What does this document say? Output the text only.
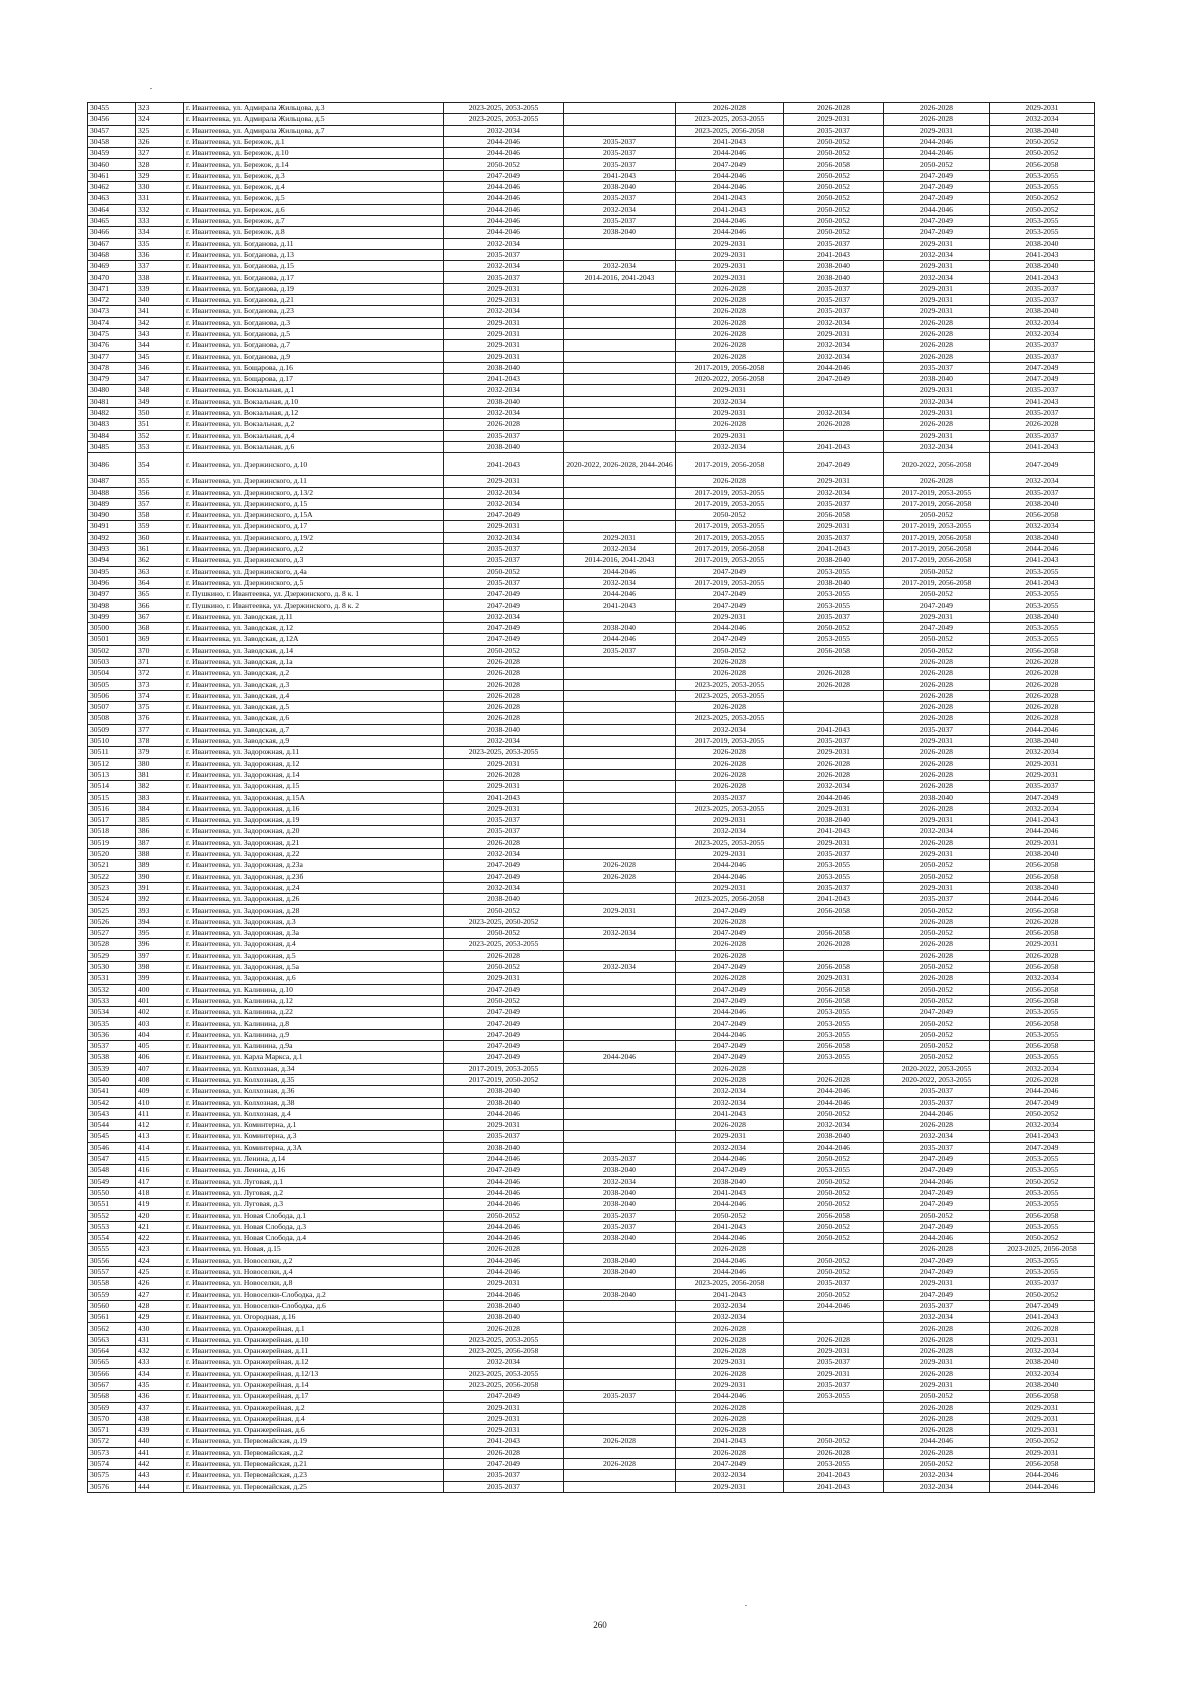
30455	323	г. Ивантеевка, ул. Адмирала Жильцова, д.3	2023-2025, 2053-2055		2026-2028	2026-2028	2026-2028	2029-2031
30456	324	г. Ивантеевка, ул. Адмирала Жильцова, д.5	2023-2025, 2053-2055		2023-2025, 2053-2055	2029-2031	2026-2028	2032-2034
30457	325	г. Ивантеевка, ул. Адмирала Жильцова, д.7	2032-2034		2023-2025, 2056-2058	2035-2037	2029-2031	2038-2040
30458	326	г. Ивантеевка, ул. Бережок, д.1	2044-2046	2035-2037	2041-2043	2050-2052	2044-2046	2050-2052
30459	327	г. Ивантеевка, ул. Бережок, д.10	2044-2046	2035-2037	2044-2046	2050-2052	2044-2046	2050-2052
30460	328	г. Ивантеевка, ул. Бережок, д.14	2050-2052	2035-2037	2047-2049	2056-2058	2050-2052	2056-2058
30461	329	г. Ивантеевка, ул. Бережок, д.3	2047-2049	2041-2043	2044-2046	2050-2052	2047-2049	2053-2055
30462	330	г. Ивантеевка, ул. Бережок, д.4	2044-2046	2038-2040	2044-2046	2050-2052	2047-2049	2053-2055
30463	331	г. Ивантеевка, ул. Бережок, д.5	2044-2046	2035-2037	2041-2043	2050-2052	2047-2049	2050-2052
30464	332	г. Ивантеевка, ул. Бережок, д.6	2044-2046	2032-2034	2041-2043	2050-2052	2044-2046	2050-2052
30465	333	г. Ивантеевка, ул. Бережок, д.7	2044-2046	2035-2037	2044-2046	2050-2052	2047-2049	2053-2055
30466	334	г. Ивантеевка, ул. Бережок, д.8	2044-2046	2038-2040	2044-2046	2050-2052	2047-2049	2053-2055
30467	335	г. Ивантеевка, ул. Богданова, д.11	2032-2034		2029-2031	2035-2037	2029-2031	2038-2040
30468	336	г. Ивантеевка, ул. Богданова, д.13	2035-2037		2029-2031	2041-2043	2032-2034	2041-2043
30469	337	г. Ивантеевка, ул. Богданова, д.15	2032-2034	2032-2034	2029-2031	2038-2040	2029-2031	2038-2040
30470	338	г. Ивантеевка, ул. Богданова, д.17	2035-2037	2014-2016, 2041-2043	2029-2031	2038-2040	2032-2034	2041-2043
30471	339	г. Ивантеевка, ул. Богданова, д.19	2029-2031		2026-2028	2035-2037	2029-2031	2035-2037
30472	340	г. Ивантеевка, ул. Богданова, д.21	2029-2031		2026-2028	2035-2037	2029-2031	2035-2037
30473	341	г. Ивантеевка, ул. Богданова, д.23	2032-2034		2026-2028	2035-2037	2029-2031	2038-2040
30474	342	г. Ивантеевка, ул. Богданова, д.3	2029-2031		2026-2028	2032-2034	2026-2028	2032-2034
30475	343	г. Ивантеевка, ул. Богданова, д.5	2029-2031		2026-2028	2029-2031	2026-2028	2032-2034
30476	344	г. Ивантеевка, ул. Богданова, д.7	2029-2031		2026-2028	2032-2034	2026-2028	2035-2037
30477	345	г. Ивантеевка, ул. Богданова, д.9	2029-2031		2026-2028	2032-2034	2026-2028	2035-2037
30478	346	г. Ивантеевка, ул. Бощарова, д.16	2038-2040		2017-2019, 2056-2058	2044-2046	2035-2037	2047-2049
30479	347	г. Ивантеевка, ул. Бощарова, д.17	2041-2043		2020-2022, 2056-2058	2047-2049	2038-2040	2047-2049
30480	348	г. Ивантеевка, ул. Вокзальная, д.1	2032-2034		2029-2031		2029-2031	2035-2037
30481	349	г. Ивантеевка, ул. Вокзальная, д.10	2038-2040		2032-2034		2032-2034	2041-2043
30482	350	г. Ивантеевка, ул. Вокзальная, д.12	2032-2034		2029-2031	2032-2034	2029-2031	2035-2037
30483	351	г. Ивантеевка, ул. Вокзальная, д.2	2026-2028		2026-2028	2026-2028	2026-2028	2026-2028
30484	352	г. Ивантеевка, ул. Вокзальная, д.4	2035-2037		2029-2031		2029-2031	2035-2037
30485	353	г. Ивантеевка, ул. Вокзальная, д.6	2038-2040		2032-2034	2041-2043	2032-2034	2041-2043
30486	354	г. Ивантеевка, ул. Дзержинского, д.10	2041-2043	2020-2022, 2026-2028, 2044-2046	2017-2019, 2056-2058	2047-2049	2020-2022, 2056-2058	2047-2049
30487	355	г. Ивантеевка, ул. Дзержинского, д.11	2029-2031		2026-2028	2029-2031	2026-2028	2032-2034
30488	356	г. Ивантеевка, ул. Дзержинского, д.13/2	2032-2034		2017-2019, 2053-2055	2032-2034	2017-2019, 2053-2055	2035-2037
30489	357	г. Ивантеевка, ул. Дзержинского, д.15	2032-2034		2017-2019, 2053-2055	2035-2037	2017-2019, 2056-2058	2038-2040
30490	358	г. Ивантеевка, ул. Дзержинского, д.15А	2047-2049		2050-2052	2056-2058	2050-2052	2056-2058
30491	359	г. Ивантеевка, ул. Дзержинского, д.17	2029-2031		2017-2019, 2053-2055	2029-2031	2017-2019, 2053-2055	2032-2034
30492	360	г. Ивантеевка, ул. Дзержинского, д.19/2	2032-2034	2029-2031	2017-2019, 2053-2055	2035-2037	2017-2019, 2056-2058	2038-2040
30493	361	г. Ивантеевка, ул. Дзержинского, д.2	2035-2037	2032-2034	2017-2019, 2056-2058	2041-2043	2017-2019, 2056-2058	2044-2046
30494	362	г. Ивантеевка, ул. Дзержинского, д.3	2035-2037	2014-2016, 2041-2043	2017-2019, 2053-2055	2038-2040	2017-2019, 2056-2058	2041-2043
30495	363	г. Ивантеевка, ул. Дзержинского, д.4а	2050-2052	2044-2046	2047-2049	2053-2055	2050-2052	2053-2055
30496	364	г. Ивантеевка, ул. Дзержинского, д.5	2035-2037	2032-2034	2017-2019, 2053-2055	2038-2040	2017-2019, 2056-2058	2041-2043
30497	365	г. Пушкино, г. Ивантеевка, ул. Дзержинского, д. 8 к. 1	2047-2049	2044-2046	2047-2049	2053-2055	2050-2052	2053-2055
30498	366	г. Пушкино, г. Ивантеевка, ул. Дзержинского, д. 8 к. 2	2047-2049	2041-2043	2047-2049	2053-2055	2047-2049	2053-2055
30499	367	г. Ивантеевка, ул. Заводская, д.11	2032-2034		2029-2031	2035-2037	2029-2031	2038-2040
30500	368	г. Ивантеевка, ул. Заводская, д.12	2047-2049	2038-2040	2044-2046	2050-2052	2047-2049	2053-2055
30501	369	г. Ивантеевка, ул. Заводская, д.12А	2047-2049	2044-2046	2047-2049	2053-2055	2050-2052	2053-2055
30502	370	г. Ивантеевка, ул. Заводская, д.14	2050-2052	2035-2037	2050-2052	2056-2058	2050-2052	2056-2058
30503	371	г. Ивантеевка, ул. Заводская, д.1а	2026-2028		2026-2028		2026-2028	2026-2028
30504	372	г. Ивантеевка, ул. Заводская, д.2	2026-2028		2026-2028	2026-2028	2026-2028	2026-2028
30505	373	г. Ивантеевка, ул. Заводская, д.3	2026-2028		2023-2025, 2053-2055	2026-2028	2026-2028	2026-2028
30506	374	г. Ивантеевка, ул. Заводская, д.4	2026-2028		2023-2025, 2053-2055		2026-2028	2026-2028
30507	375	г. Ивантеевка, ул. Заводская, д.5	2026-2028		2026-2028		2026-2028	2026-2028
30508	376	г. Ивантеевка, ул. Заводская, д.6	2026-2028		2023-2025, 2053-2055		2026-2028	2026-2028
30509	377	г. Ивантеевка, ул. Заводская, д.7	2038-2040		2032-2034	2041-2043	2035-2037	2044-2046
30510	378	г. Ивантеевка, ул. Заводская, д.9	2032-2034		2017-2019, 2053-2055	2035-2037	2029-2031	2038-2040
30511	379	г. Ивантеевка, ул. Задорожная, д.11	2023-2025, 2053-2055		2026-2028	2029-2031	2026-2028	2032-2034
30512	380	г. Ивантеевка, ул. Задорожная, д.12	2029-2031		2026-2028	2026-2028	2026-2028	2029-2031
30513	381	г. Ивантеевка, ул. Задорожная, д.14	2026-2028		2026-2028	2026-2028	2026-2028	2029-2031
30514	382	г. Ивантеевка, ул. Задорожная, д.15	2029-2031		2026-2028	2032-2034	2026-2028	2035-2037
30515	383	г. Ивантеевка, ул. Задорожная, д.15А	2041-2043		2035-2037	2044-2046	2038-2040	2047-2049
30516	384	г. Ивантеевка, ул. Задорожная, д.16	2029-2031		2023-2025, 2053-2055	2029-2031	2026-2028	2032-2034
30517	385	г. Ивантеевка, ул. Задорожная, д.19	2035-2037		2029-2031	2038-2040	2029-2031	2041-2043
30518	386	г. Ивантеевка, ул. Задорожная, д.20	2035-2037		2032-2034	2041-2043	2032-2034	2044-2046
30519	387	г. Ивантеевка, ул. Задорожная, д.21	2026-2028		2023-2025, 2053-2055	2029-2031	2026-2028	2029-2031
30520	388	г. Ивантеевка, ул. Задорожная, д.22	2032-2034		2029-2031	2035-2037	2029-2031	2038-2040
30521	389	г. Ивантеевка, ул. Задорожная, д.23а	2047-2049	2026-2028	2044-2046	2053-2055	2050-2052	2056-2058
30522	390	г. Ивантеевка, ул. Задорожная, д.23б	2047-2049	2026-2028	2044-2046	2053-2055	2050-2052	2056-2058
30523	391	г. Ивантеевка, ул. Задорожная, д.24	2032-2034		2029-2031	2035-2037	2029-2031	2038-2040
30524	392	г. Ивантеевка, ул. Задорожная, д.26	2038-2040		2023-2025, 2056-2058	2041-2043	2035-2037	2044-2046
30525	393	г. Ивантеевка, ул. Задорожная, д.28	2050-2052	2029-2031	2047-2049	2056-2058	2050-2052	2056-2058
30526	394	г. Ивантеевка, ул. Задорожная, д.3	2023-2025, 2050-2052		2026-2028		2026-2028	2026-2028
30527	395	г. Ивантеевка, ул. Задорожная, д.3а	2050-2052	2032-2034	2047-2049	2056-2058	2050-2052	2056-2058
30528	396	г. Ивантеевка, ул. Задорожная, д.4	2023-2025, 2053-2055		2026-2028	2026-2028	2026-2028	2029-2031
30529	397	г. Ивантеевка, ул. Задорожная, д.5	2026-2028		2026-2028		2026-2028	2026-2028
30530	398	г. Ивантеевка, ул. Задорожная, д.5а	2050-2052	2032-2034	2047-2049	2056-2058	2050-2052	2056-2058
30531	399	г. Ивантеевка, ул. Задорожная, д.6	2029-2031		2026-2028	2029-2031	2026-2028	2032-2034
30532	400	г. Ивантеевка, ул. Калинина, д.10	2047-2049		2047-2049	2056-2058	2050-2052	2056-2058
30533	401	г. Ивантеевка, ул. Калинина, д.12	2050-2052		2047-2049	2056-2058	2050-2052	2056-2058
30534	402	г. Ивантеевка, ул. Калинина, д.22	2047-2049		2044-2046	2053-2055	2047-2049	2053-2055
30535	403	г. Ивантеевка, ул. Калинина, д.8	2047-2049		2047-2049	2053-2055	2050-2052	2056-2058
30536	404	г. Ивантеевка, ул. Калинина, д.9	2047-2049		2044-2046	2053-2055	2050-2052	2053-2055
30537	405	г. Ивантеевка, ул. Калинина, д.9а	2047-2049		2047-2049	2056-2058	2050-2052	2056-2058
30538	406	г. Ивантеевка, ул. Карла Маркса, д.1	2047-2049	2044-2046	2047-2049	2053-2055	2050-2052	2053-2055
30539	407	г. Ивантеевка, ул. Колхозная, д.34	2017-2019, 2053-2055		2026-2028		2020-2022, 2053-2055	2032-2034
30540	408	г. Ивантеевка, ул. Колхозная, д.35	2017-2019, 2050-2052		2026-2028	2026-2028	2020-2022, 2053-2055	2026-2028
30541	409	г. Ивантеевка, ул. Колхозная, д.36	2038-2040		2032-2034	2044-2046	2035-2037	2044-2046
30542	410	г. Ивантеевка, ул. Колхозная, д.38	2038-2040		2032-2034	2044-2046	2035-2037	2047-2049
30543	411	г. Ивантеевка, ул. Колхозная, д.4	2044-2046		2041-2043	2050-2052	2044-2046	2050-2052
30544	412	г. Ивантеевка, ул. Коминтерна, д.1	2029-2031		2026-2028	2032-2034	2026-2028	2032-2034
30545	413	г. Ивантеевка, ул. Коминтерна, д.3	2035-2037		2029-2031	2038-2040	2032-2034	2041-2043
30546	414	г. Ивантеевка, ул. Коминтерна, д.3А	2038-2040		2032-2034	2044-2046	2035-2037	2047-2049
30547	415	г. Ивантеевка, ул. Ленина, д.14	2044-2046	2035-2037	2044-2046	2050-2052	2047-2049	2053-2055
30548	416	г. Ивантеевка, ул. Ленина, д.16	2047-2049	2038-2040	2047-2049	2053-2055	2047-2049	2053-2055
30549	417	г. Ивантеевка, ул. Луговая, д.1	2044-2046	2032-2034	2038-2040	2050-2052	2044-2046	2050-2052
30550	418	г. Ивантеевка, ул. Луговая, д.2	2044-2046	2038-2040	2041-2043	2050-2052	2047-2049	2053-2055
30551	419	г. Ивантеевка, ул. Луговая, д.3	2044-2046	2038-2040	2044-2046	2050-2052	2047-2049	2053-2055
30552	420	г. Ивантеевка, ул. Новая Слобода, д.1	2050-2052	2035-2037	2050-2052	2056-2058	2050-2052	2056-2058
30553	421	г. Ивантеевка, ул. Новая Слобода, д.3	2044-2046	2035-2037	2041-2043	2050-2052	2047-2049	2053-2055
30554	422	г. Ивантеевка, ул. Новая Слобода, д.4	2044-2046	2038-2040	2044-2046	2050-2052	2044-2046	2050-2052
30555	423	г. Ивантеевка, ул. Новая, д.15	2026-2028		2026-2028		2026-2028	2023-2025, 2056-2058
30556	424	г. Ивантеевка, ул. Новоселки, д.2	2044-2046	2038-2040	2044-2046	2050-2052	2047-2049	2053-2055
30557	425	г. Ивантеевка, ул. Новоселки, д.4	2044-2046	2038-2040	2044-2046	2050-2052	2047-2049	2053-2055
30558	426	г. Ивантеевка, ул. Новоселки, д.8	2029-2031		2023-2025, 2056-2058	2035-2037	2029-2031	2035-2037
30559	427	г. Ивантеевка, ул. Новоселки-Слободка, д.2	2044-2046	2038-2040	2041-2043	2050-2052	2047-2049	2050-2052
30560	428	г. Ивантеевка, ул. Новоселки-Слободка, д.6	2038-2040		2032-2034	2044-2046	2035-2037	2047-2049
30561	429	г. Ивантеевка, ул. Огородная, д.16	2038-2040		2032-2034		2032-2034	2041-2043
30562	430	г. Ивантеевка, ул. Оранжерейная, д.1	2026-2028		2026-2028		2026-2028	2026-2028
30563	431	г. Ивантеевка, ул. Оранжерейная, д.10	2023-2025, 2053-2055		2026-2028	2026-2028	2026-2028	2029-2031
30564	432	г. Ивантеевка, ул. Оранжерейная, д.11	2023-2025, 2056-2058		2026-2028	2029-2031	2026-2028	2032-2034
30565	433	г. Ивантеевка, ул. Оранжерейная, д.12	2032-2034		2029-2031	2035-2037	2029-2031	2038-2040
30566	434	г. Ивантеевка, ул. Оранжерейная, д.12/13	2023-2025, 2053-2055		2026-2028	2029-2031	2026-2028	2032-2034
30567	435	г. Ивантеевка, ул. Оранжерейная, д.14	2023-2025, 2056-2058		2029-2031	2035-2037	2029-2031	2038-2040
30568	436	г. Ивантеевка, ул. Оранжерейная, д.17	2047-2049	2035-2037	2044-2046	2053-2055	2050-2052	2056-2058
30569	437	г. Ивантеевка, ул. Оранжерейная, д.2	2029-2031		2026-2028		2026-2028	2029-2031
30570	438	г. Ивантеевка, ул. Оранжерейная, д.4	2029-2031		2026-2028		2026-2028	2029-2031
30571	439	г. Ивантеевка, ул. Оранжерейная, д.6	2029-2031		2026-2028		2026-2028	2029-2031
30572	440	г. Ивантеевка, ул. Первомайская, д.19	2041-2043	2026-2028	2041-2043	2050-2052	2044-2046	2050-2052
30573	441	г. Ивантеевка, ул. Первомайская, д.2	2026-2028		2026-2028	2026-2028	2026-2028	2029-2031
30574	442	г. Ивантеевка, ул. Первомайская, д.21	2047-2049	2026-2028	2047-2049	2053-2055	2050-2052	2056-2058
30575	443	г. Ивантеевка, ул. Первомайская, д.23	2035-2037		2032-2034	2041-2043	2032-2034	2044-2046
30576	444	г. Ивантеевка, ул. Первомайская, д.25	2035-2037		2029-2031	2041-2043	2032-2034	2044-2046
260
